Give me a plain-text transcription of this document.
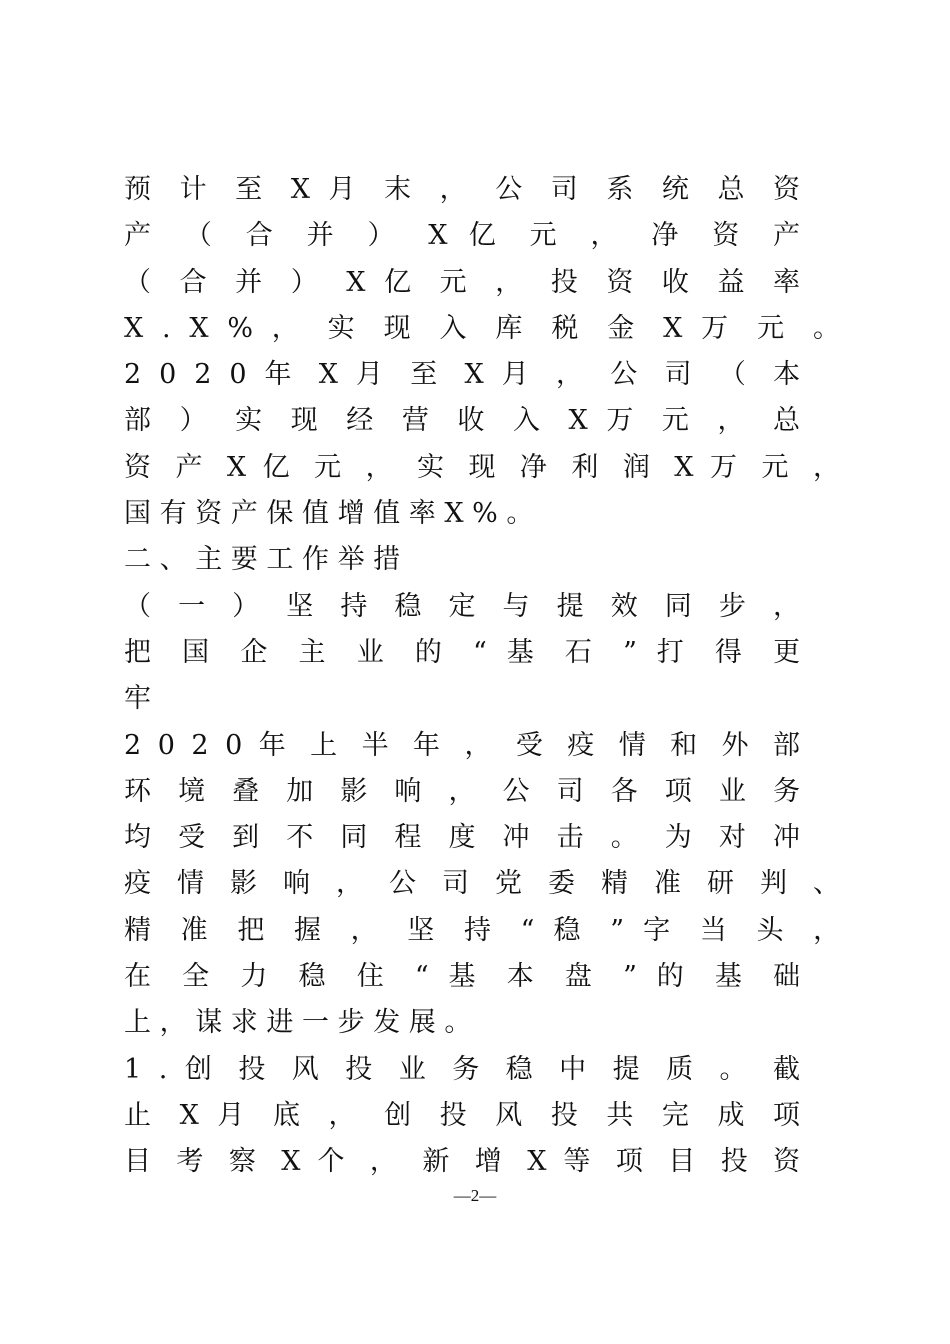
预 计 至 X 月 末 ， 公 司 系 统 总 资
产 （ 合 并 ） X 亿 元 ， 净 资 产
（ 合 并 ） X 亿 元 ， 投 资 收 益 率
X . X % ， 实 现 入 库 税 金 X 万 元 。
2 0 2 0 年 X 月 至 X 月 ， 公 司 （ 本
部 ） 实 现 经 营 收 入 X 万 元 ， 总
资 产 X 亿 元 ， 实 现 净 利 润 X 万 元 ，
国 有 资 产 保 值 增 值 率 X % 。
二 、 主 要 工 作 举 措
（ 一 ） 坚 持 稳 定 与 提 效 同 步 ，
把 国 企 主 业 的 “ 基 石 ” 打 得 更
牢
2 0 2 0 年 上 半 年 ， 受 疫 情 和 外 部
环 境 叠 加 影 响 ， 公 司 各 项 业 务
均 受 到 不 同 程 度 冲 击 。 为 对 冲
疫 情 影 响 ， 公 司 党 委 精 准 研 判 、
精 准 把 握 ， 坚 持 “ 稳 ” 字 当 头 ，
在 全 力 稳 住 “ 基 本 盘 ” 的 基 础
上 ， 谋 求 进 一 步 发 展 。
1 . 创 投 风 投 业 务 稳 中 提 质 。 截
止 X 月 底 ， 创 投 风 投 共 完 成 项
目 考 察 X 个 ， 新 增 X 等 项 目 投 资
—2—
